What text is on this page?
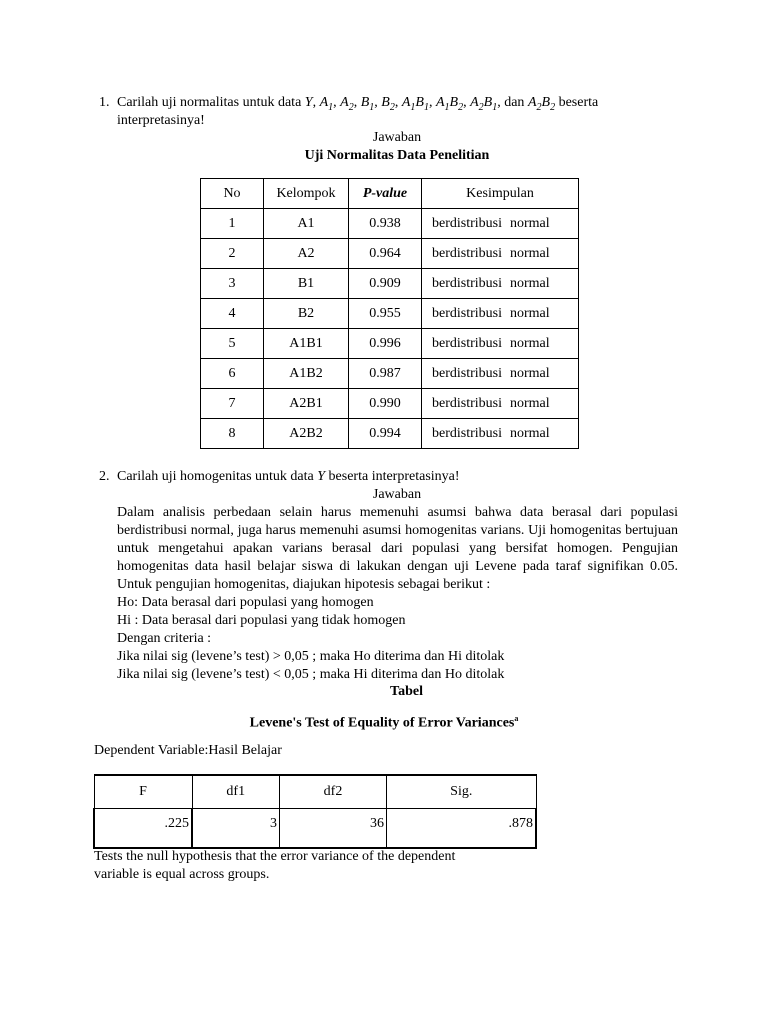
1. Carilah uji normalitas untuk data Y, $A_1$, $A_2$, $B_1$, $B_2$, $A_1B_1$, $A_1B_2$, $A_2B_1$, dan $A_2B_2$ beserta
interpretasinya!
Jawaban
Uji Normalitas Data Penelitian
No	Kelompok	P-value	Kesimpulan
1	A1	0.938	berdistribusi normal
2	A2	0.964	berdistribusi normal
3	B1	0.909	berdistribusi normal
4	B2	0.955	berdistribusi normal
5	A1B1	0.996	berdistribusi normal
6	A1B2	0.987	berdistribusi normal
7	A2B1	0.990	berdistribusi normal
8	A2B2	0.994	berdistribusi normal
2. Carilah uji homogenitas untuk data Y beserta interpretasinya!
Jawaban
Dalam analisis perbedaan selain harus memenuhi asumsi bahwa data berasal dari populasi berdistribusi normal, juga harus memenuhi asumsi homogenitas varians. Uji homogenitas bertujuan untuk mengetahui apakan varians berasal dari populasi yang bersifat homogen. Pengujian homogenitas data hasil belajar siswa di lakukan dengan uji Levene pada taraf signifikan 0.05. Untuk pengujian homogenitas, diajukan hipotesis sebagai berikut :
Ho: Data berasal dari populasi yang homogen
Hi : Data berasal dari populasi yang tidak homogen
Dengan criteria :
Jika nilai sig (levene’s test) > 0,05 ; maka Ho diterima dan Hi ditolak
Jika nilai sig (levene’s test) < 0,05 ; maka Hi diterima dan Ho ditolak
Tabel
Levene's Test of Equality of Error Variances$^a$
Dependent Variable:Hasil Belajar
F	df1	df2	Sig.
.225	3	36	.878
Tests the null hypothesis that the error variance of the dependent variable is equal across groups.
